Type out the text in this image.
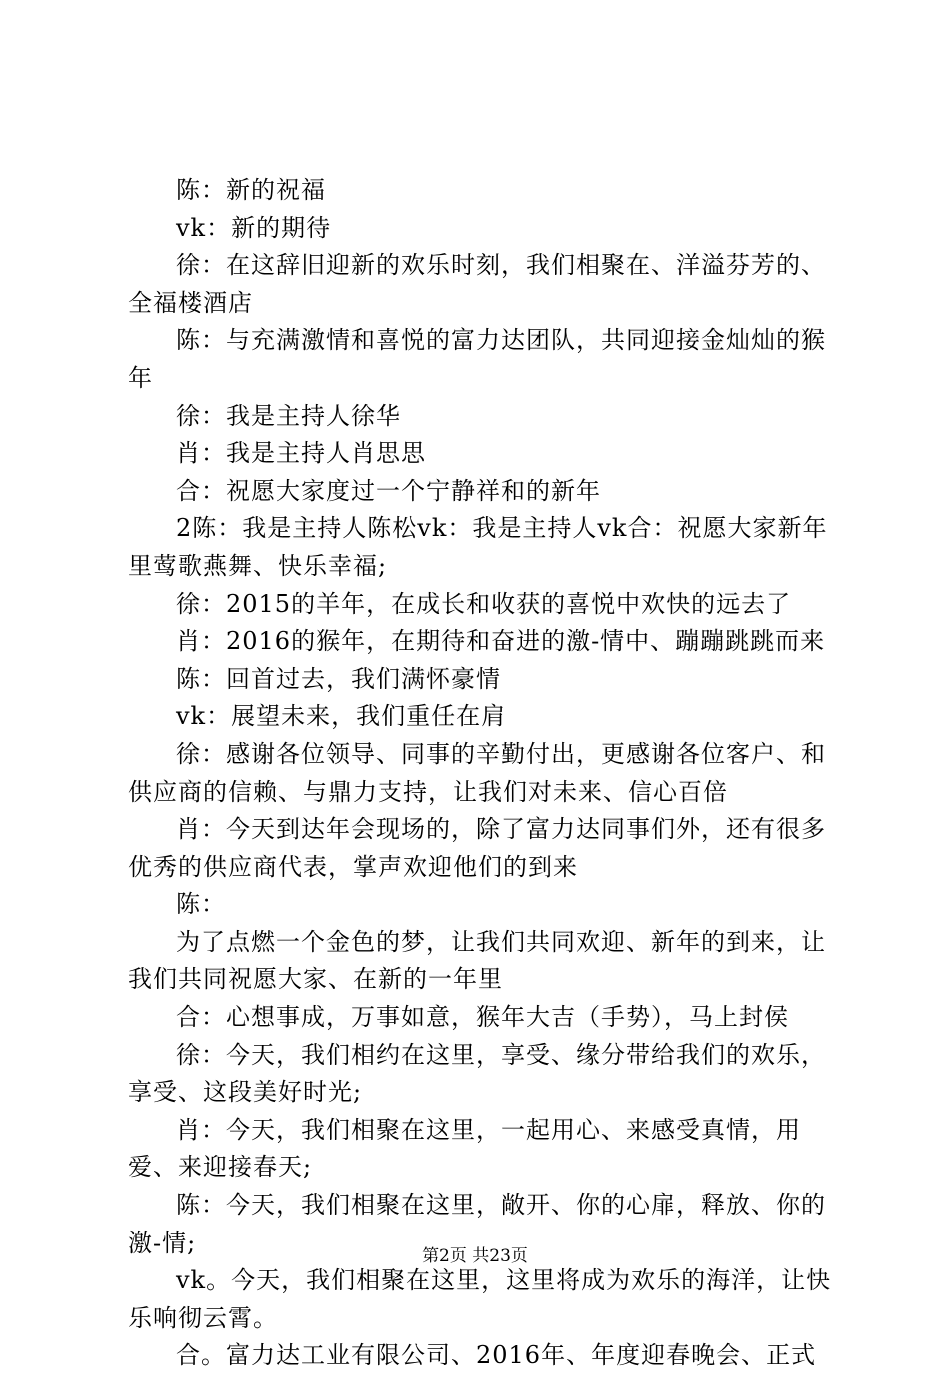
陈：新的祝福

vk：新的期待

徐：在这辞旧迎新的欢乐时刻，我们相聚在、洋溢芬芳的、全福楼酒店

陈：与充满激情和喜悦的富力达团队，共同迎接金灿灿的猴年

徐：我是主持人徐华

肖：我是主持人肖思思

合：祝愿大家度过一个宁静祥和的新年

2陈：我是主持人陈松vk：我是主持人vk合：祝愿大家新年里莺歌燕舞、快乐幸福;

徐：2015的羊年，在成长和收获的喜悦中欢快的远去了

肖：2016的猴年，在期待和奋进的激-情中、蹦蹦跳跳而来

陈：回首过去，我们满怀豪情

vk：展望未来，我们重任在肩

徐：感谢各位领导、同事的辛勤付出，更感谢各位客户、和供应商的信赖、与鼎力支持，让我们对未来、信心百倍

肖：今天到达年会现场的，除了富力达同事们外，还有很多优秀的供应商代表，掌声欢迎他们的到来

陈：

为了点燃一个金色的梦，让我们共同欢迎、新年的到来，让我们共同祝愿大家、在新的一年里

合：心想事成，万事如意，猴年大吉（手势），马上封侯

徐：今天，我们相约在这里，享受、缘分带给我们的欢乐，享受、这段美好时光;

肖：今天，我们相聚在这里，一起用心、来感受真情，用爱、来迎接春天;

陈：今天，我们相聚在这里，敞开、你的心扉，释放、你的激-情;

vk。今天，我们相聚在这里，这里将成为欢乐的海洋，让快乐响彻云霄。

合。富力达工业有限公司、2016年、年度迎春晚会、正式

第2页 共23页
